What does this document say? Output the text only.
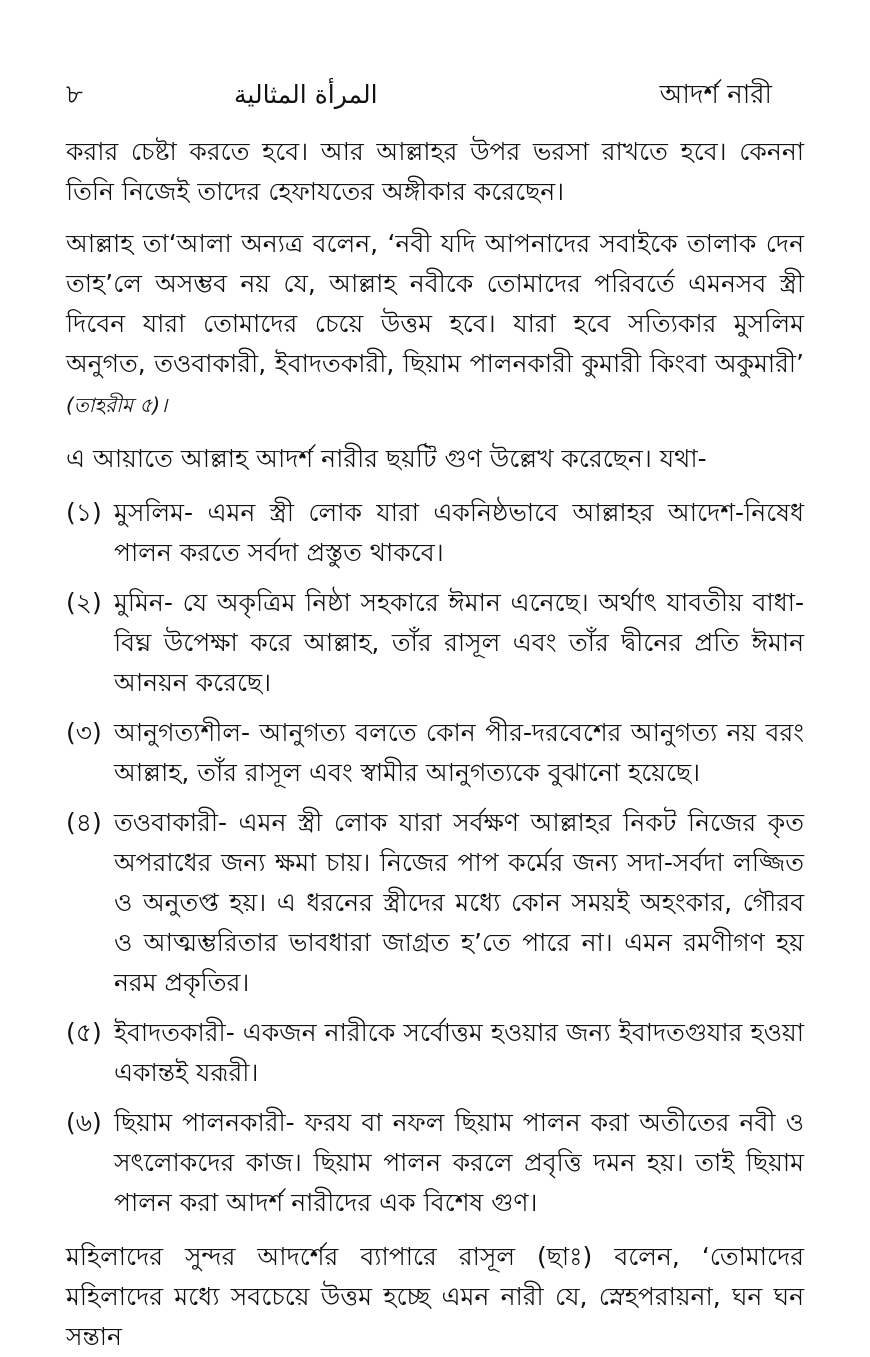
৮	المرأة المثالية	আদর্শ নারী

করার চেষ্টা করতে হবে। আর আল্লাহর উপর ভরসা রাখতে হবে। কেননা তিনি নিজেই তাদের হেফাযতের অঙ্গীকার করেছেন।

আল্লাহ তা‘আলা অন্যত্র বলেন, ‘নবী যদি আপনাদের সবাইকে তালাক দেন তাহ’লে অসম্ভব নয় যে, আল্লাহ নবীকে তোমাদের পরিবর্তে এমনসব স্ত্রী দিবেন যারা তোমাদের চেয়ে উত্তম হবে। যারা হবে সত্যিকার মুসলিম অনুগত, তওবাকারী, ইবাদতকারী, ছিয়াম পালনকারী কুমারী কিংবা অকুমারী’ (তাহরীম ৫)।

এ আয়াতে আল্লাহ আদর্শ নারীর ছয়টি গুণ উল্লেখ করেছেন। যথা-

(১) মুসলিম- এমন স্ত্রী লোক যারা একনিষ্ঠভাবে আল্লাহর আদেশ-নিষেধ পালন করতে সর্বদা প্রস্তুত থাকবে।
(২) মুমিন- যে অকৃত্রিম নিষ্ঠা সহকারে ঈমান এনেছে। অর্থাৎ যাবতীয় বাধা-বিঘ্ন উপেক্ষা করে আল্লাহ, তাঁর রাসূল এবং তাঁর দ্বীনের প্রতি ঈমান আনয়ন করেছে।
(৩) আনুগত্যশীল- আনুগত্য বলতে কোন পীর-দরবেশের আনুগত্য নয় বরং আল্লাহ, তাঁর রাসূল এবং স্বামীর আনুগত্যকে বুঝানো হয়েছে।
(৪) তওবাকারী- এমন স্ত্রী লোক যারা সর্বক্ষণ আল্লাহর নিকট নিজের কৃত অপরাধের জন্য ক্ষমা চায়। নিজের পাপ কর্মের জন্য সদা-সর্বদা লজ্জিত ও অনুতপ্ত হয়। এ ধরনের স্ত্রীদের মধ্যে কোন সময়ই অহংকার, গৌরব ও আত্মম্ভরিতার ভাবধারা জাগ্রত হ’তে পারে না। এমন রমণীগণ হয় নরম প্রকৃতির।
(৫) ইবাদতকারী- একজন নারীকে সর্বোত্তম হওয়ার জন্য ইবাদতগুযার হওয়া একান্তই যরূরী।
(৬) ছিয়াম পালনকারী- ফরয বা নফল ছিয়াম পালন করা অতীতের নবী ও সৎলোকদের কাজ। ছিয়াম পালন করলে প্রবৃত্তি দমন হয়। তাই ছিয়াম পালন করা আদর্শ নারীদের এক বিশেষ গুণ।

মহিলাদের সুন্দর আদর্শের ব্যাপারে রাসূল (ছাঃ) বলেন, ‘তোমাদের মহিলাদের মধ্যে সবচেয়ে উত্তম হচ্ছে এমন নারী যে, স্নেহপরায়না, ঘন ঘন সন্তান
